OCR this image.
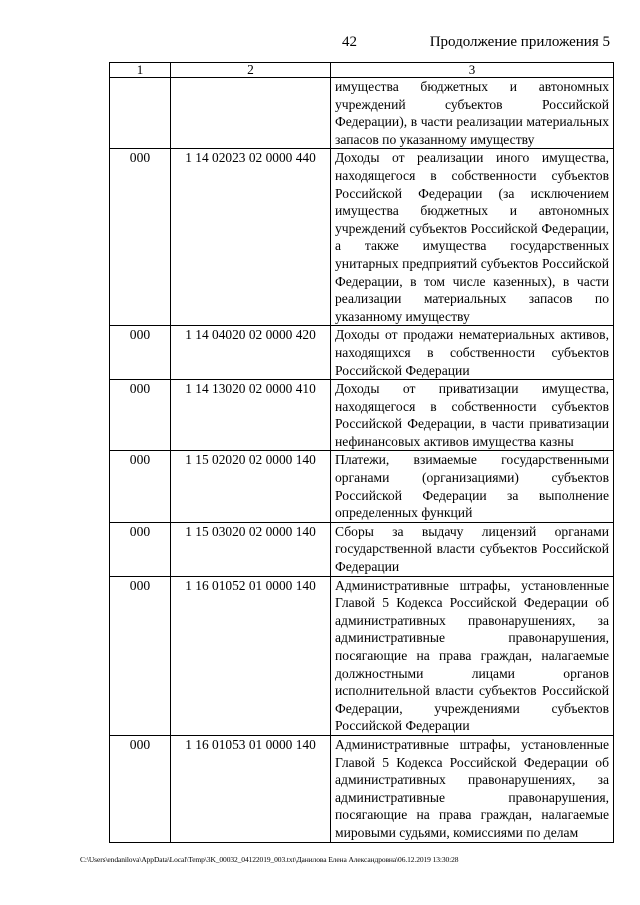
42	Продолжение приложения 5
1	2	3
		имущества бюджетных и автономных учреждений субъектов Российской Федерации), в части реализации материальных запасов по указанному имуществу
000	1 14 02023 02 0000 440	Доходы от реализации иного имущества, находящегося в собственности субъектов Российской Федерации (за исключением имущества бюджетных и автономных учреждений субъектов Российской Федерации, а также имущества государственных унитарных предприятий субъектов Российской Федерации, в том числе казенных), в части реализации материальных запасов по указанному имуществу
000	1 14 04020 02 0000 420	Доходы от продажи нематериальных активов, находящихся в собственности субъектов Российской Федерации
000	1 14 13020 02 0000 410	Доходы от приватизации имущества, находящегося в собственности субъектов Российской Федерации, в части приватизации нефинансовых активов имущества казны
000	1 15 02020 02 0000 140	Платежи, взимаемые государственными органами (организациями) субъектов Российской Федерации за выполнение определенных функций
000	1 15 03020 02 0000 140	Сборы за выдачу лицензий органами государственной власти субъектов Российской Федерации
000	1 16 01052 01 0000 140	Административные штрафы, установленные Главой 5 Кодекса Российской Федерации об административных правонарушениях, за административные правонарушения, посягающие на права граждан, налагаемые должностными лицами органов исполнительной власти субъектов Российской Федерации, учреждениями субъектов Российской Федерации
000	1 16 01053 01 0000 140	Административные штрафы, установленные Главой 5 Кодекса Российской Федерации об административных правонарушениях, за административные правонарушения, посягающие на права граждан, налагаемые мировыми судьями, комиссиями по делам
C:\Users\endanilova\AppData\Local\Temp\3K_00032_04122019_003.txt\Данилова Елена Александровна\06.12.2019 13:30:28
